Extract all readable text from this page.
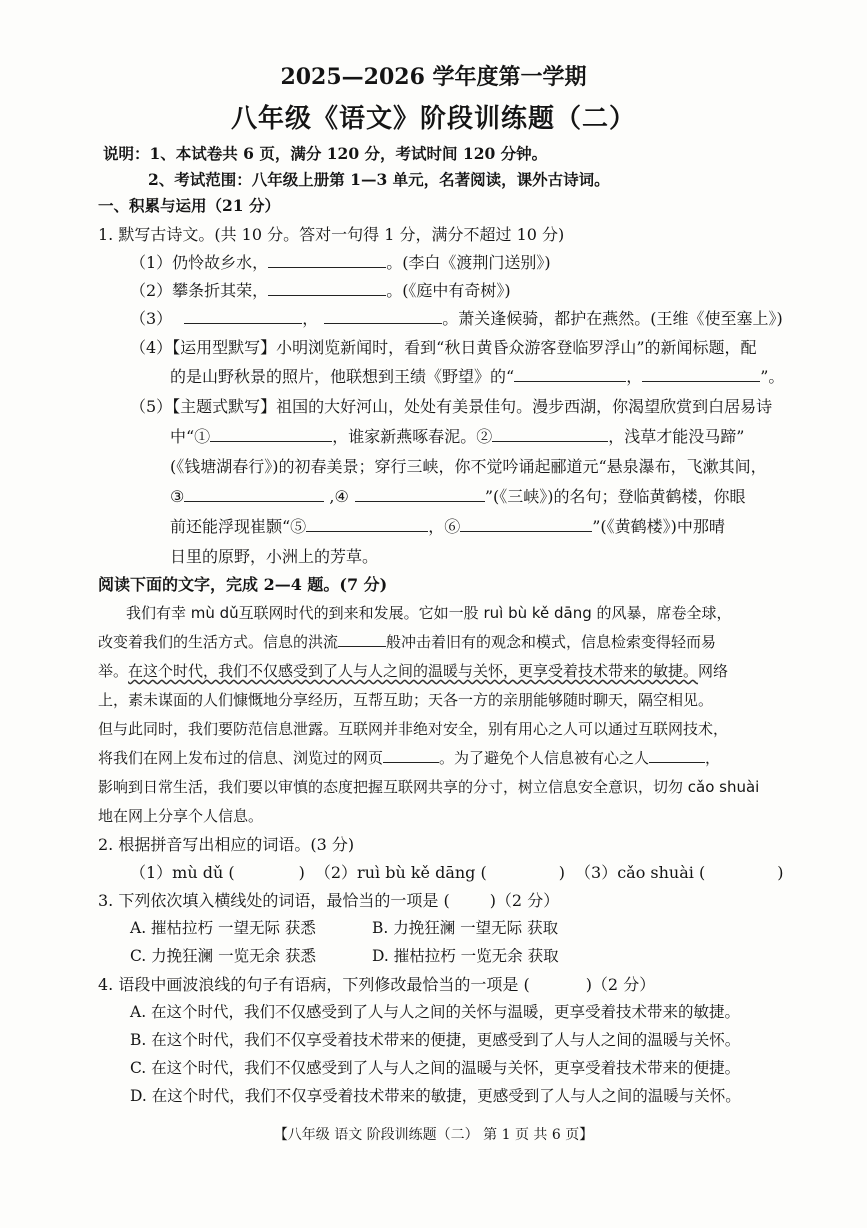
2025—2026 学年度第一学期
八年级《语文》阶段训练题（二）
说明：1、本试卷共 6 页，满分 120 分，考试时间 120 分钟。
2、考试范围：八年级上册第 1—3 单元，名著阅读，课外古诗词。
一、积累与运用（21 分）
1. 默写古诗文。(共 10 分。答对一句得 1 分，满分不超过 10 分)
（1）仍怜故乡水，	。(李白《渡荆门送别》)
（2）攀条折其荣，	。(《庭中有奇树》)
（3）	，	。萧关逢候骑，都护在燕然。(王维《使至塞上》)
（4）【运用型默写】小明浏览新闻时，看到“秋日黄昏众游客登临罗浮山”的新闻标题，配
的是山野秋景的照片，他联想到王绩《野望》的“	，	”。
（5）【主题式默写】祖国的大好河山，处处有美景佳句。漫步西湖，你渴望欣赏到白居易诗
中“①	，谁家新燕啄春泥。②	，浅草才能没马蹄”
(《钱塘湖春行》)的初春美景；穿行三峡，你不觉吟诵起郦道元“悬泉瀑布，飞漱其间，
③	,④	”(《三峡》)的名句；登临黄鹤楼，你眼
前还能浮现崔颢“⑤	，⑥	”(《黄鹤楼》)中那晴
日里的原野，小洲上的芳草。
阅读下面的文字，完成 2—4 题。(7 分)
我们有幸 mù dǔ互联网时代的到来和发展。它如一股 ruì bù kě dāng 的风暴，席卷全球，
改变着我们的生活方式。信息的洪流	般冲击着旧有的观念和模式，信息检索变得轻而易
举。在这个时代，我们不仅感受到了人与人之间的温暖与关怀，更享受着技术带来的敏捷。网络
上，素未谋面的人们慷慨地分享经历，互帮互助；天各一方的亲朋能够随时聊天，隔空相见。
但与此同时，我们要防范信息泄露。互联网并非绝对安全，别有用心之人可以通过互联网技术，
将我们在网上发布过的信息、浏览过的网页	。为了避免个人信息被有心之人	，
影响到日常生活，我们要以审慎的态度把握互联网共享的分寸，树立信息安全意识，切勿 cǎo shuài
地在网上分享个人信息。
2. 根据拼音写出相应的词语。(3 分)
（1）mù dǔ (	) （2）ruì bù kě dāng (	) （3）cǎo shuài (	)
3. 下列依次填入横线处的词语，最恰当的一项是 (	)（2 分）
A. 摧枯拉朽 一望无际 获悉	B. 力挽狂澜 一望无际 获取
C. 力挽狂澜 一览无余 获悉	D. 摧枯拉朽 一览无余 获取
4. 语段中画波浪线的句子有语病，下列修改最恰当的一项是 (	)（2 分）
A. 在这个时代，我们不仅感受到了人与人之间的关怀与温暖，更享受着技术带来的敏捷。
B. 在这个时代，我们不仅享受着技术带来的便捷，更感受到了人与人之间的温暖与关怀。
C. 在这个时代，我们不仅感受到了人与人之间的温暖与关怀，更享受着技术带来的便捷。
D. 在这个时代，我们不仅享受着技术带来的敏捷，更感受到了人与人之间的温暖与关怀。
【八年级 语文 阶段训练题（二） 第 1 页 共 6 页】
